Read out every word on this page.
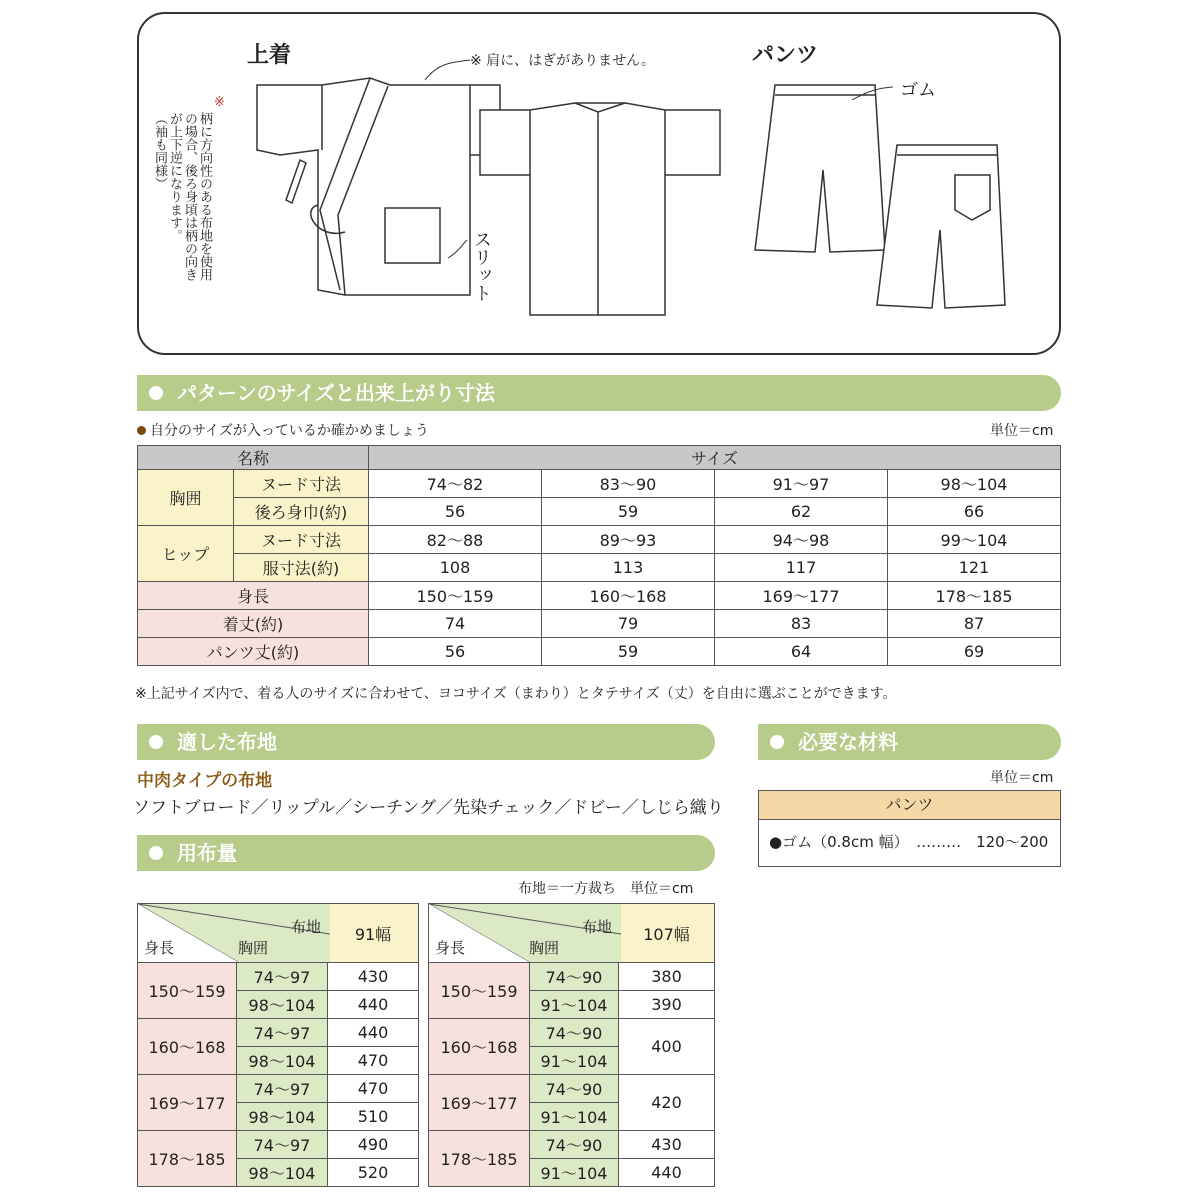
上着	※ 肩に、はぎがありません。	パンツ
ゴム
スリット
※
柄に方向性のある布地を使用
の場合、後ろ身頃は柄の向き
が上下逆になります。
（袖も同様）
パターンのサイズと出来上がり寸法
自分のサイズが入っているか確かめましょう	単位＝cm
名称		サイズ			
胸囲	ヌード寸法	74〜82	83〜90	91〜97	98〜104
	後ろ身巾(約)	56	59	62	66
ヒップ	ヌード寸法	82〜88	89〜93	94〜98	99〜104
	服寸法(約)	108	113	117	121
身長		150〜159	160〜168	169〜177	178〜185
着丈(約)		74	79	83	87
パンツ丈(約)		56	59	64	69
※上記サイズ内で、着る人のサイズに合わせて、ヨコサイズ（まわり）とタテサイズ（丈）を自由に選ぶことができます。
適した布地
中肉タイプの布地
ソフトブロード／リップル／シーチング／先染チェック／ドビー／しじら織り
必要な材料
単位＝cm
パンツ
●ゴム（0.8cm 幅）　………　120〜200
用布量
布地＝一方裁ち　単位＝cm
布地
身長 胸囲		91幅
150〜159	74〜97	430
	98〜104	440
160〜168	74〜97	440
	98〜104	470
169〜177	74〜97	470
	98〜104	510
178〜185	74〜97	490
	98〜104	520
布地
身長 胸囲		107幅
150〜159	74〜90	380
	91〜104	390
160〜168	74〜90	400
	91〜104	
169〜177	74〜90	420
	91〜104	
178〜185	74〜90	430
	91〜104	440
